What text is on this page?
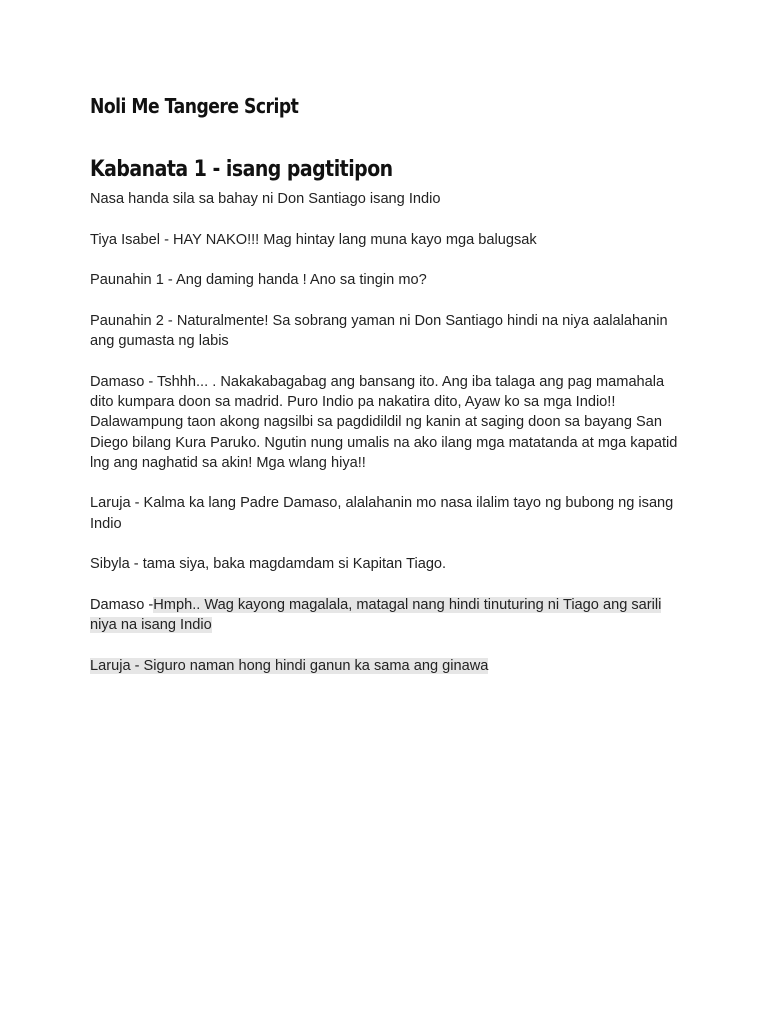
Noli Me Tangere Script
Kabanata 1 - isang pagtitipon

Nasa handa sila sa bahay ni Don Santiago isang Indio

Tiya Isabel - HAY NAKO!!! Mag hintay lang muna kayo mga balugsak

Paunahin 1 - Ang daming handa ! Ano sa tingin mo?

Paunahin 2 - Naturalmente! Sa sobrang yaman ni Don Santiago hindi na niya aalalahanin ang gumasta ng labis

Damaso - Tshhh... . Nakakabagabag ang bansang ito. Ang iba talaga ang pag mamahala dito kumpara doon sa madrid. Puro Indio pa nakatira dito, Ayaw ko sa mga Indio!! Dalawampung taon akong nagsilbi sa pagdidildil ng kanin at saging doon sa bayang San Diego bilang Kura Paruko. Ngutin nung umalis na ako ilang mga matatanda at mga kapatid lng ang naghatid sa akin! Mga wlang hiya!!

Laruja - Kalma ka lang Padre Damaso, alalahanin mo nasa ilalim tayo ng bubong ng isang Indio

Sibyla - tama siya, baka magdamdam si Kapitan Tiago.

Damaso -Hmph.. Wag kayong magalala, matagal nang hindi tinuturing ni Tiago ang sarili niya na isang Indio

Laruja - Siguro naman hong hindi ganun ka sama ang ginawa
